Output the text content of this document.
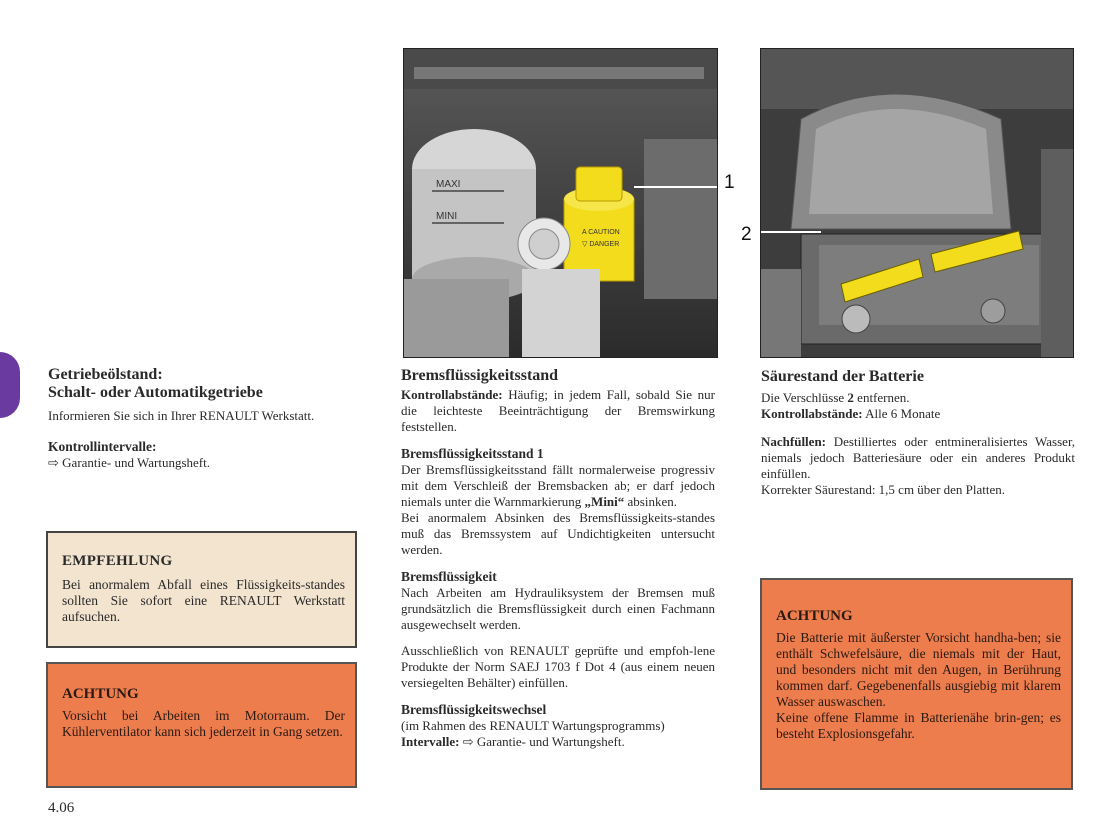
Getriebeölstand:
Schalt- oder Automatikgetriebe

Informieren Sie sich in Ihrer RENAULT Werkstatt.

Kontrollintervalle:

⇨ Garantie- und Wartungsheft.

EMPFEHLUNG
Bei anormalem Abfall eines Flüssigkeits-standes sollten Sie sofort eine RENAULT Werkstatt aufsuchen.
ACHTUNG
Vorsicht bei Arbeiten im Motorraum. Der Kühlerventilator kann sich jederzeit in Gang setzen.
4.06
MAXI
MINI
A CAUTION
▽ DANGER
1
2
Bremsflüssigkeitsstand

Kontrollabstände: Häufig; in jedem Fall, sobald Sie nur die leichteste Beeinträchtigung der Bremswirkung feststellen.

Bremsflüssigkeitsstand 1

Der Bremsflüssigkeitsstand fällt normalerweise progressiv mit dem Verschleiß der Bremsbacken ab; er darf jedoch niemals unter die Warnmarkierung „Mini“ absinken.

Bei anormalem Absinken des Bremsflüssigkeits-standes muß das Bremssystem auf Undichtigkeiten untersucht werden.

Bremsflüssigkeit

Nach Arbeiten am Hydrauliksystem der Bremsen muß grundsätzlich die Bremsflüssigkeit durch einen Fachmann ausgewechselt werden.

Ausschließlich von RENAULT geprüfte und empfoh-lene Produkte der Norm SAEJ 1703 f Dot 4 (aus einem neuen versiegelten Behälter) einfüllen.

Bremsflüssigkeitswechsel

(im Rahmen des RENAULT Wartungsprogramms)

Intervalle: ⇨ Garantie- und Wartungsheft.

Säurestand der Batterie

Die Verschlüsse 2 entfernen.

Kontrollabstände: Alle 6 Monate

Nachfüllen: Destilliertes oder entmineralisiertes Wasser, niemals jedoch Batteriesäure oder ein anderes Produkt einfüllen.

Korrekter Säurestand: 1,5 cm über den Platten.

ACHTUNG
Die Batterie mit äußerster Vorsicht handha-ben; sie enthält Schwefelsäure, die niemals mit der Haut, und besonders nicht mit den Augen, in Berührung kommen darf. Gegebenenfalls ausgiebig mit klarem Wasser auswaschen.
Keine offene Flamme in Batterienähe brin-gen; es besteht Explosionsgefahr.
